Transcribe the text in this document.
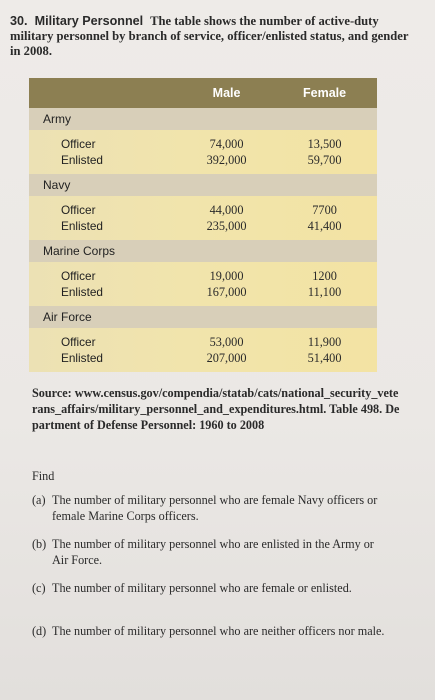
30. Military Personnel The table shows the number of active-duty military personnel by branch of service, officer/enlisted status, and gender in 2008.
Male	Female
Army
Officer
Enlisted
74,000
392,000
13,500
59,700
Navy
Officer
Enlisted
44,000
235,000
7700
41,400
Marine Corps
Officer
Enlisted
19,000
167,000
1200
11,100
Air Force
Officer
Enlisted
53,000
207,000
11,900
51,400
Source: www.census.gov/compendia/statab/cats/national_security_veterans_affairs/military_personnel_and_expenditures.html. Table 498. Department of Defense Personnel: 1960 to 2008
Find
(a) The number of military personnel who are female Navy officers or female Marine Corps officers.
(b) The number of military personnel who are enlisted in the Army or Air Force.
(c) The number of military personnel who are female or enlisted.
(d) The number of military personnel who are neither officers nor male.
